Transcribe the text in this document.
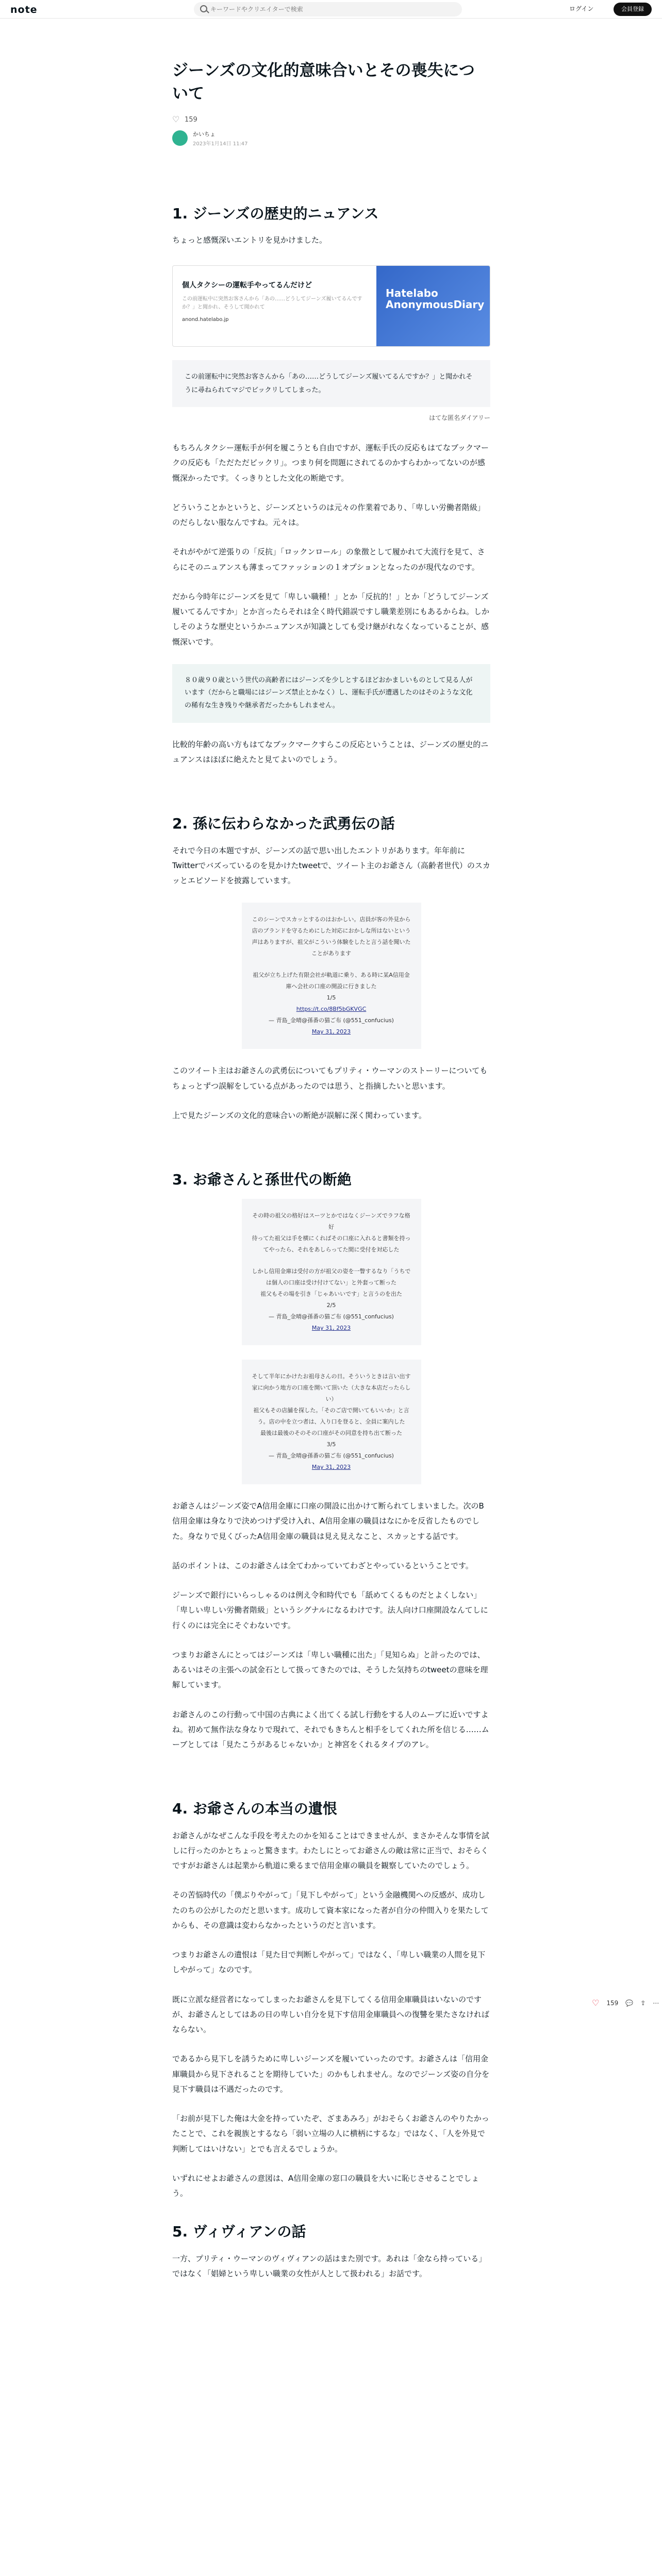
note
キーワードやクリエイターで検索	ログイン	会員登録
ジーンズの文化的意味合いとその喪失について
♡ 159
かいちょ
2023年1月14日 11:47
1. ジーンズの歴史的ニュアンス

ちょっと感慨深いエントリを見かけました。

個人タクシーの運転手やってるんだけど
この前運転中に突然お客さんから「あの……どうしてジーンズ履いてるんですか？」と聞かれ、そうして聞かれて
anond.hatelabo.jp
Hatelabo AnonymousDiary
この前運転中に突然お客さんから「あの……どうしてジーンズ履いてるんですか？」と聞かれそうに尋ねられてマジでビックリしてしまった。
はてな匿名ダイアリー

もちろんタクシー運転手が何を履こうとも自由ですが、運転手氏の反応もはてなブックマークの反応も「ただただビックリ」。つまり何を問題にされてるのかすらわかってないのが感慨深かったです。くっきりとした文化の断絶です。

どういうことかというと、ジーンズというのは元々の作業着であり、「卑しい労働者階級」のだらしない服なんですね。元々は。

それがやがて逆張りの「反抗」「ロックンロール」の象徴として履かれて大流行を見て、さらにそのニュアンスも薄まってファッションの１オプションとなったのが現代なのです。

だから今時年にジーンズを見て「卑しい職種！」とか「反抗的！」とか「どうしてジーンズ履いてるんですか」とか言ったらそれは全く時代錯誤ですし職業差別にもあるからね。しかしそのような歴史というかニュアンスが知識としても受け継がれなくなっていることが、感慨深いです。

８０歳９０歳という世代の高齢者にはジーンズを少しとするほどおかましいものとして見る人がいます（だからと職場にはジーンズ禁止とかなく）し、運転手氏が遭遇したのはそのような文化の稀有な生き残りや継承者だったかもしれません。

比較的年齢の高い方もはてなブックマークすらこの反応ということは、ジーンズの歴史的ニュアンスはほぼに絶えたと見てよいのでしょう。

2. 孫に伝わらなかった武勇伝の話

それで今日の本題ですが、ジーンズの話で思い出したエントリがあります。年年前にTwitterでバズっているのを見かけたtweetで、ツイート主のお爺さん（高齢者世代）のスカッとエピソードを披露しています。

このシーンでスカッとするのはおかしい。店員が客の外見から店のブランドを守るためにした対応におかしな所はないという声はありますが、祖父がこういう体験をしたと言う話を聞いたことがあります
祖父が立ち上げた有限会社が軌道に乗り、ある時に某A信用金庫へ会社の口座の開設に行きました
1/5
https://t.co/8Bf5bGKVGC
— 青島_金晴@孫番の猫ご布 (@551_confucius)
May 31, 2023

このツイート主はお爺さんの武勇伝についてもプリティ・ウーマンのストーリーについてもちょっとずつ誤解をしている点があったのでは思う、と指摘したいと思います。

上で見たジーンズの文化的意味合いの断絶が誤解に深く関わっています。

3. お爺さんと孫世代の断絶
その時の祖父の格好はスーツとかではなくジーンズでラフな格好
待ってた祖父は手を横にくればその口座に入れると書類を持ってやったら、それをあしらってた間に受付を対応した
しかし信用金庫は受付の方が祖父の姿を一瞥するなり「うちでは個人の口座は受け付けてない」と外套って断った
祖父もその場を引き「じゃあいいです」と言うのを出た
2/5
— 青島_金晴@孫番の猫ご布 (@551_confucius)
May 31, 2023
そして半年にかけたお祖母さんの日。そういうときは言い出す家に向かう地方の口座を開いて頂いた（大きな本店だったらしい）
祖父もその店舗を探した。「そのご店で開いてもいいか」と言う。店の中を立つ者は、入り口を登ると、全員に案内した
最後は最後のそのその口座がその同意を持ち出て断った
3/5
— 青島_金晴@孫番の猫ご布 (@551_confucius)
May 31, 2023

お爺さんはジーンズ姿でA信用金庫に口座の開設に出かけて断られてしまいました。次のB信用金庫は身なりで決めつけず受け入れ、A信用金庫の職員はなにかを反省したものでした。身なりで見くびったA信用金庫の職員は見え見えなこと、スカッとする話です。

話のポイントは、このお爺さんは全てわかっていてわざとやっているということです。

ジーンズで銀行にいらっしゃるのは例え令和時代でも「舐めてくるものだとよくしない」「卑しい卑しい労働者階級」というシグナルになるわけです。法人向け口座開設なんてしに行くのには完全にそぐわないです。

つまりお爺さんにとってはジーンズは「卑しい職種に出た」「見知らぬ」と計ったのでは、あるいはその主張への試金石として扱ってきたのでは、そうした気持ちのtweetの意味を理解しています。

お爺さんのこの行動って中国の古典によく出てくる試し行動をする人のムーブに近いですよね。初めて無作法な身なりで現れて、それでもきちんと相手をしてくれた所を信じる……ムーブとしては「見たこうがあるじゃないか」と神宮をくれるタイプのアレ。

4. お爺さんの本当の遺恨

お爺さんがなぜこんな手段を考えたのかを知ることはできませんが、まさかそんな事情を試しに行ったのかとちょっと驚きます。わたしにとってお爺さんの敵は常に正当で、おそらくですがお爺さんは起業から軌道に乗るまで信用金庫の職員を観察していたのでしょう。

その苦悩時代の「僕ぶりやがって」「見下しやがって」という金融機関への反感が、成功したのちの公がしたのだと思います。成功して資本家になった者が自分の仲間入りを果たしてからも、その意識は変わらなかったというのだと言います。

つまりお爺さんの遺恨は「見た目で判断しやがって」ではなく、「卑しい職業の人間を見下しやがって」なのです。

既に立派な経営者になってしまったお爺さんを見下してくる信用金庫職員はいないのですが、お爺さんとしてはあの日の卑しい自分を見下す信用金庫職員への復讐を果たさなければならない。

であるから見下しを誘うために卑しいジーンズを履いていったのです。お爺さんは「信用金庫職員から見下されることを期待していた」のかもしれません。なのでジーンズ姿の自分を見下す職員は不遇だったのです。

「お前が見下した俺は大金を持っていたぞ、ざまあみろ」がおそらくお爺さんのやりたかったことで、これを親族とするなら「弱い立場の人に横柄にするな」ではなく、「人を外見で判断してはいけない」とでも言えるでしょうか。

いずれにせよお爺さんの意図は、A信用金庫の窓口の職員を大いに恥じさせることでしょう。

5. ヴィヴィアンの話

一方、プリティ・ウーマンのヴィヴィアンの話はまた別です。あれは「金なら持っている」ではなく「娼婦という卑しい職業の女性が人として扱われる」お話です。

♡ 159 💬 ⇪ ⋯
